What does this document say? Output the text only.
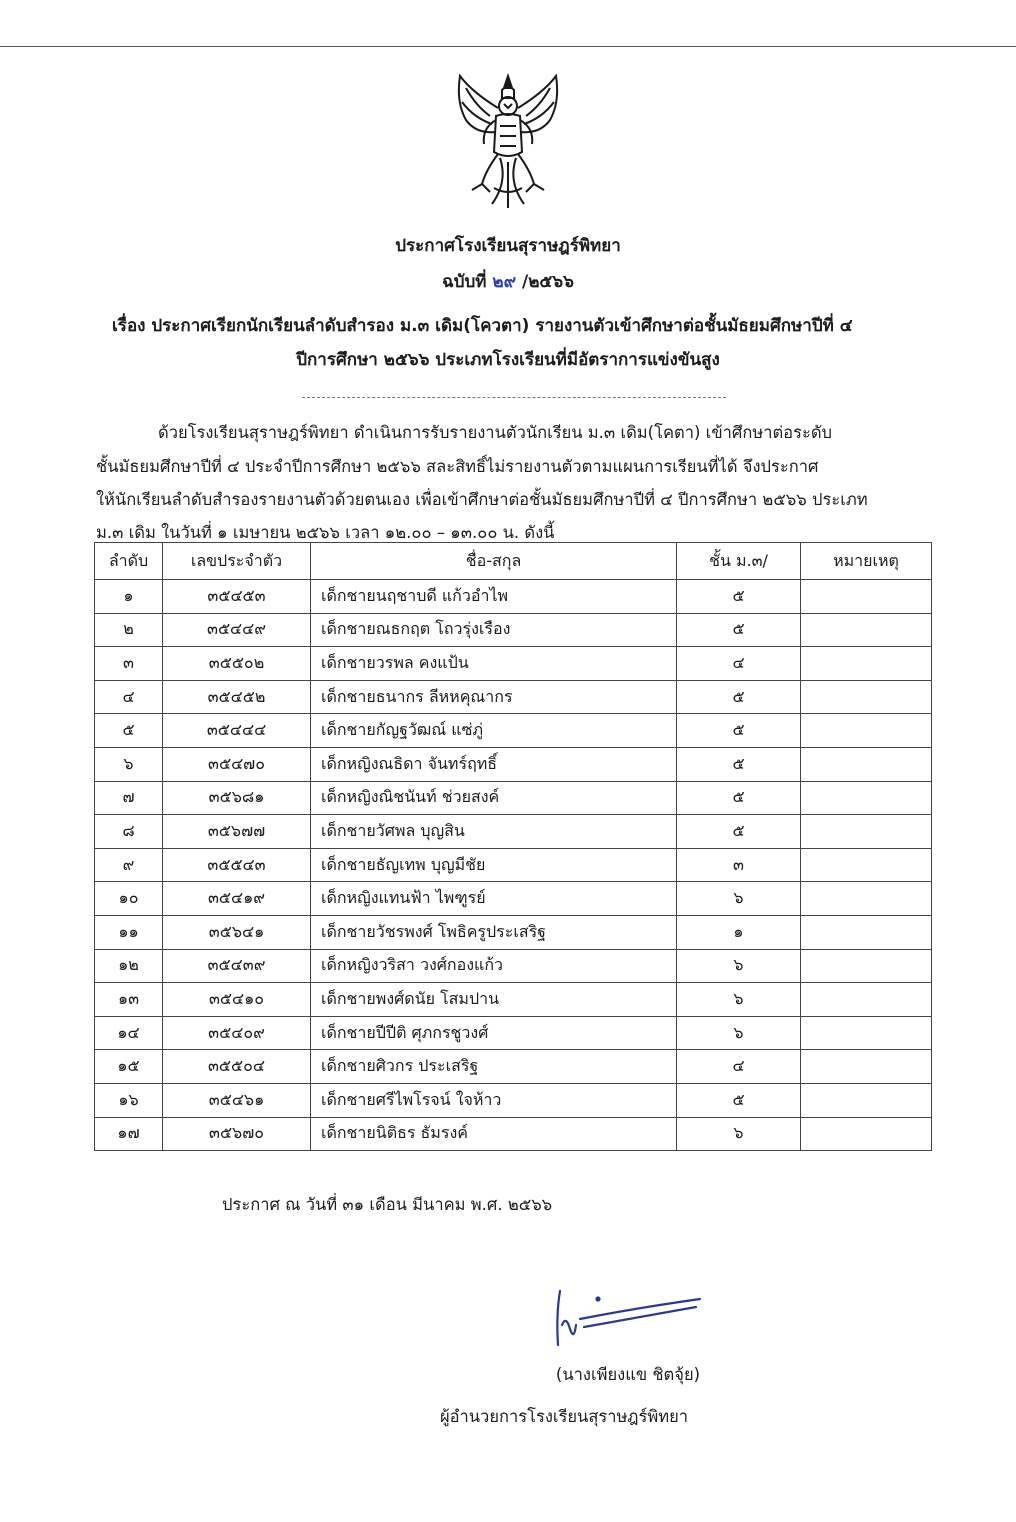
ประกาศโรงเรียนสุราษฎร์พิทยา
ฉบับที่ ๒๙ /๒๕๖๖
เรื่อง ประกาศเรียกนักเรียนลำดับสำรอง ม.๓ เดิม(โควตา) รายงานตัวเข้าศึกษาต่อชั้นมัธยมศึกษาปีที่ ๔
ปีการศึกษา ๒๕๖๖ ประเภทโรงเรียนที่มีอัตราการแข่งขันสูง
ด้วยโรงเรียนสุราษฎร์พิทยา ดำเนินการรับรายงานตัวนักเรียน ม.๓ เดิม(โคตา) เข้าศึกษาต่อระดับ
ชั้นมัธยมศึกษาปีที่ ๔ ประจำปีการศึกษา ๒๕๖๖ สละสิทธิ์ไม่รายงานตัวตามแผนการเรียนที่ได้ จึงประกาศ
ให้นักเรียนลำดับสำรองรายงานตัวด้วยตนเอง เพื่อเข้าศึกษาต่อชั้นมัธยมศึกษาปีที่ ๔ ปีการศึกษา ๒๕๖๖ ประเภท
ม.๓ เดิม ในวันที่ ๑ เมษายน ๒๕๖๖ เวลา ๑๒.๐๐ – ๑๓.๐๐ น. ดังนี้
ลำดับ	เลขประจำตัว	ชื่อ-สกุล	ชั้น ม.๓/	หมายเหตุ
๑	๓๕๔๕๓	เด็กชายนฤชาบดี แก้วอำไพ	๕	
๒	๓๕๔๔๙	เด็กชายณธกฤต โถวรุ่งเรือง	๕	
๓	๓๕๕๐๒	เด็กชายวรพล คงแป้น	๔	
๔	๓๕๔๕๒	เด็กชายธนากร ลีหหคุณากร	๕	
๕	๓๕๔๔๔	เด็กชายกัญฐวัฒณ์ แซ่ภู่	๕	
๖	๓๕๔๗๐	เด็กหญิงณธิดา จันทร์ฤทธิ์	๕	
๗	๓๕๖๘๑	เด็กหญิงณิชนันท์ ช่วยสงค์	๕	
๘	๓๕๖๗๗	เด็กชายวัศพล บุญสิน	๕	
๙	๓๕๕๔๓	เด็กชายธัญเทพ บุญมีชัย	๓	
๑๐	๓๕๔๑๙	เด็กหญิงแทนฟ้า ไพฑูรย์	๖	
๑๑	๓๕๖๔๑	เด็กชายวัชรพงศ์ โพธิครูประเสริฐ	๑	
๑๒	๓๕๔๓๙	เด็กหญิงวริสา วงศ์กองแก้ว	๖	
๑๓	๓๕๔๑๐	เด็กชายพงศ์ดนัย โสมปาน	๖	
๑๔	๓๕๔๐๙	เด็กชายปีปีติ ศุภกรชูวงศ์	๖	
๑๕	๓๕๕๐๔	เด็กชายศิวกร ประเสริฐ	๔	
๑๖	๓๕๔๖๑	เด็กชายศรีไพโรจน์ ใจห้าว	๕	
๑๗	๓๕๖๗๐	เด็กชายนิติธร ธัมรงค์	๖	
ประกาศ ณ วันที่ ๓๑ เดือน มีนาคม พ.ศ. ๒๕๖๖
(นางเพียงแข ชิตจุ้ย)
ผู้อำนวยการโรงเรียนสุราษฎร์พิทยา
